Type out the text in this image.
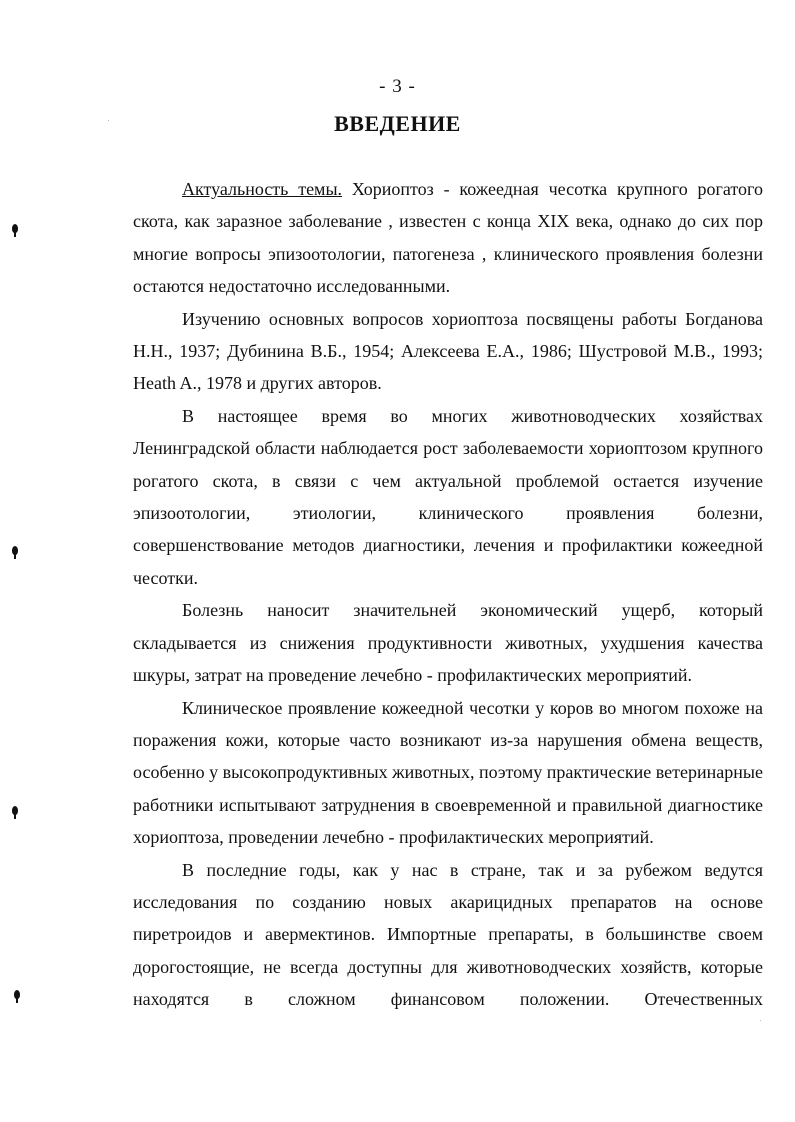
- 3 -
ВВЕДЕНИЕ

Актуальность темы. Хориоптоз - кожеедная чесотка крупного рогатого скота, как заразное заболевание , известен с конца XIX века, однако до сих пор многие вопросы эпизоотологии, патогенеза , клинического проявления болезни остаются недостаточно исследованными.

Изучению основных вопросов хориоптоза посвящены работы Богданова Н.Н., 1937; Дубинина В.Б., 1954; Алексеева Е.А., 1986; Шустровой М.В., 1993; Heath A., 1978 и других авторов.

В настоящее время во многих животноводческих хозяйствах Ленинградской области наблюдается рост заболеваемости хориоптозом крупного рогатого скота, в связи с чем актуальной проблемой остается изучение эпизоотологии, этиологии, клинического проявления болезни, совершенствование методов диагностики, лечения и профилактики кожеедной чесотки.

Болезнь наносит значительней экономический ущерб, который складывается из снижения продуктивности животных, ухудшения качества шкуры, затрат на проведение лечебно - профилактических мероприятий.

Клиническое проявление кожеедной чесотки у коров во многом похоже на поражения кожи, которые часто возникают из-за нарушения обмена веществ, особенно у высокопродуктивных животных, поэтому практические ветеринарные работники испытывают затруднения в своевременной и правильной диагностике хориоптоза, проведении лечебно - профилактических мероприятий.

В последние годы, как у нас в стране, так и за рубежом ведутся исследования по созданию новых акарицидных препаратов на основе пиретроидов и авермектинов. Импортные препараты, в большинстве своем дорогостоящие, не всегда доступны для животноводческих хозяйств, которые находятся в сложном финансовом положении. Отечественных
